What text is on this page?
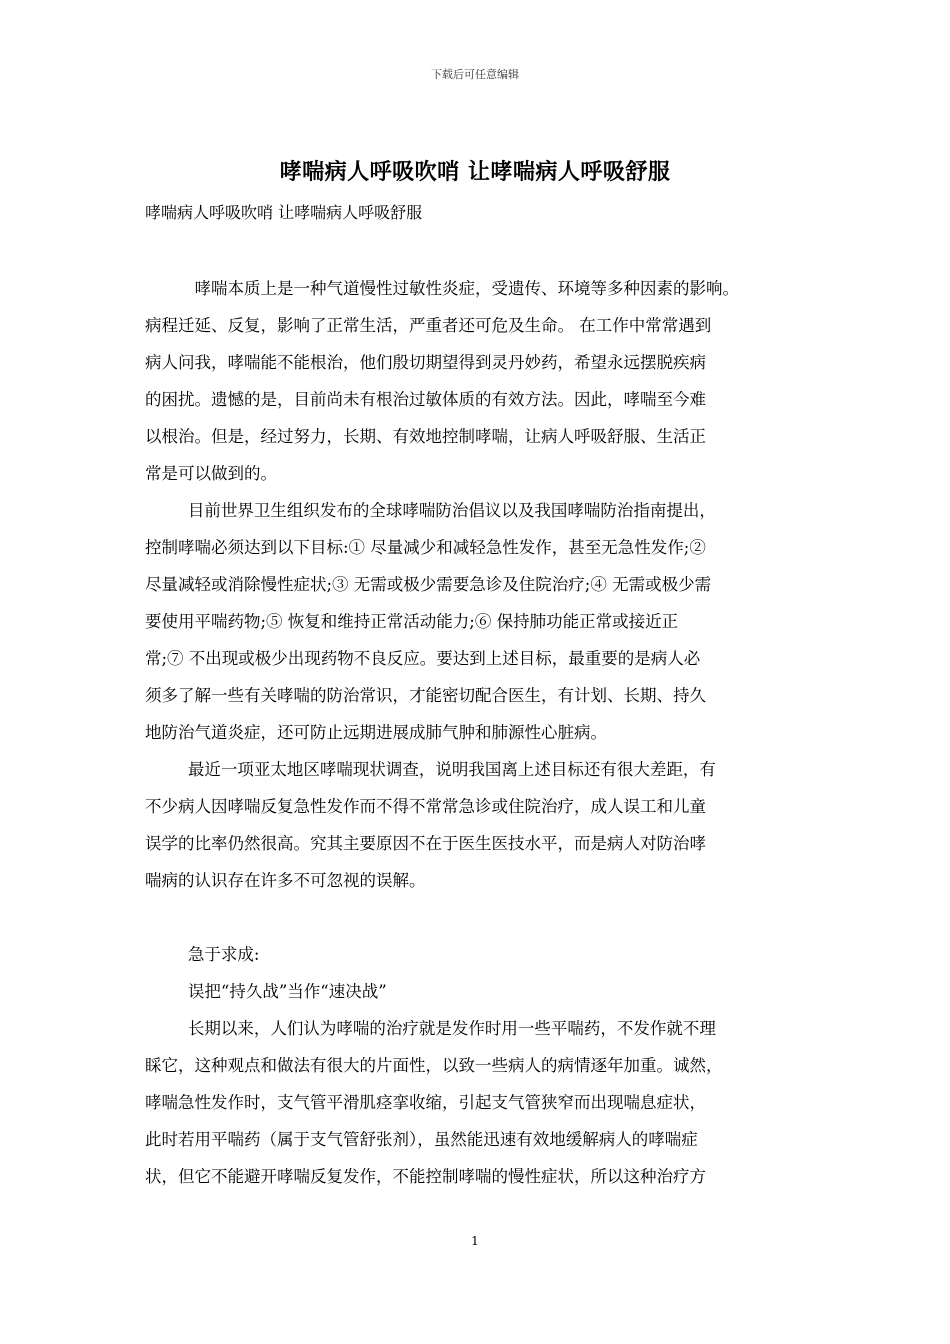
下载后可任意编辑
哮喘病人呼吸吹哨 让哮喘病人呼吸舒服
哮喘病人呼吸吹哨 让哮喘病人呼吸舒服

哮喘本质上是一种气道慢性过敏性炎症，受遗传、环境等多种因素的影响。
病程迁延、反复，影响了正常生活，严重者还可危及生命。 在工作中常常遇到
病人问我，哮喘能不能根治，他们殷切期望得到灵丹妙药，希望永远摆脱疾病
的困扰。遗憾的是，目前尚未有根治过敏体质的有效方法。因此，哮喘至今难
以根治。但是，经过努力，长期、有效地控制哮喘，让病人呼吸舒服、生活正
常是可以做到的。

目前世界卫生组织发布的全球哮喘防治倡议以及我国哮喘防治指南提出，
控制哮喘必须达到以下目标:① 尽量减少和减轻急性发作，甚至无急性发作;②
尽量减轻或消除慢性症状;③ 无需或极少需要急诊及住院治疗;④ 无需或极少需
要使用平喘药物;⑤ 恢复和维持正常活动能力;⑥ 保持肺功能正常或接近正
常;⑦ 不出现或极少出现药物不良反应。要达到上述目标，最重要的是病人必
须多了解一些有关哮喘的防治常识，才能密切配合医生，有计划、长期、持久
地防治气道炎症，还可防止远期进展成肺气肿和肺源性心脏病。

最近一项亚太地区哮喘现状调查，说明我国离上述目标还有很大差距，有
不少病人因哮喘反复急性发作而不得不常常急诊或住院治疗，成人误工和儿童
误学的比率仍然很高。究其主要原因不在于医生医技水平，而是病人对防治哮
喘病的认识存在许多不可忽视的误解。

急于求成:

误把“持久战”当作“速决战”

长期以来，人们认为哮喘的治疗就是发作时用一些平喘药，不发作就不理
睬它，这种观点和做法有很大的片面性，以致一些病人的病情逐年加重。诚然，
哮喘急性发作时，支气管平滑肌痉挛收缩，引起支气管狭窄而出现喘息症状，
此时若用平喘药（属于支气管舒张剂），虽然能迅速有效地缓解病人的哮喘症
状，但它不能避开哮喘反复发作，不能控制哮喘的慢性症状，所以这种治疗方

1
